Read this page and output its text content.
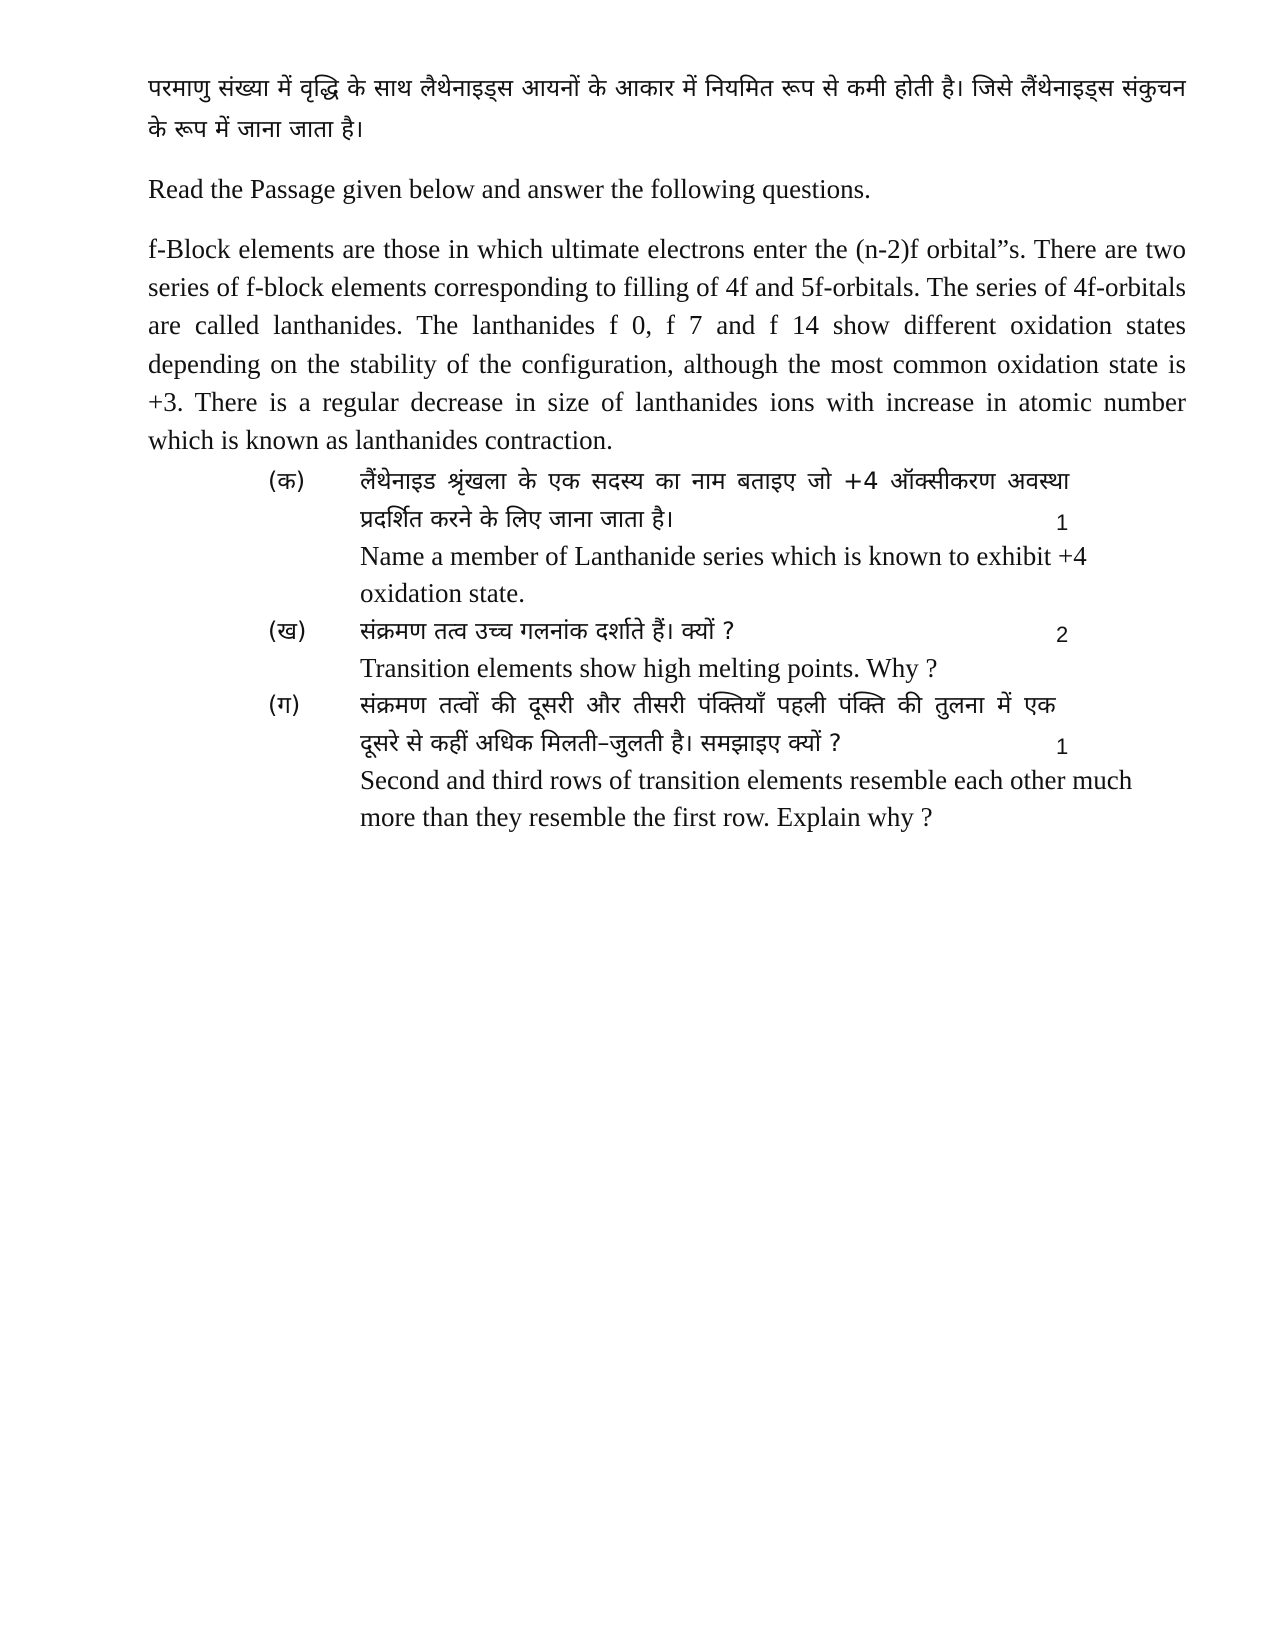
परमाणु संख्या में वृद्धि के साथ लैथेनाइड्स आयनों के आकार में नियमित रूप से कमी होती है। जिसे लैंथेनाइड्स संकुचन के रूप में जाना जाता है।

Read the Passage given below and answer the following questions.

f-Block elements are those in which ultimate electrons enter the (n-2)f orbital”s. There are two series of f-block elements corresponding to filling of 4f and 5f-orbitals. The series of 4f-orbitals are called lanthanides. The lanthanides f 0, f 7 and f 14 show different oxidation states depending on the stability of the configuration, although the most common oxidation state is +3. There is a regular decrease in size of lanthanides ions with increase in atomic number which is known as lanthanides contraction.

(क)	लैंथेनाइड श्रृंखला के एक सदस्य का नाम बताइए जो +4 ऑक्सीकरण अवस्था
प्रदर्शित करने के लिए जाना जाता है।	1
Name a member of Lanthanide series which is known to exhibit +4
oxidation state.
(ख)	संक्रमण तत्व उच्च गलनांक दर्शाते हैं। क्यों ?	2
Transition elements show high melting points. Why ?
(ग)	संक्रमण तत्वों की दूसरी और तीसरी पंक्तियाँ पहली पंक्ति की तुलना में एक
दूसरे से कहीं अधिक मिलती–जुलती है। समझाइए क्यों ?	1
Second and third rows of transition elements resemble each other much
more than they resemble the first row. Explain why ?
